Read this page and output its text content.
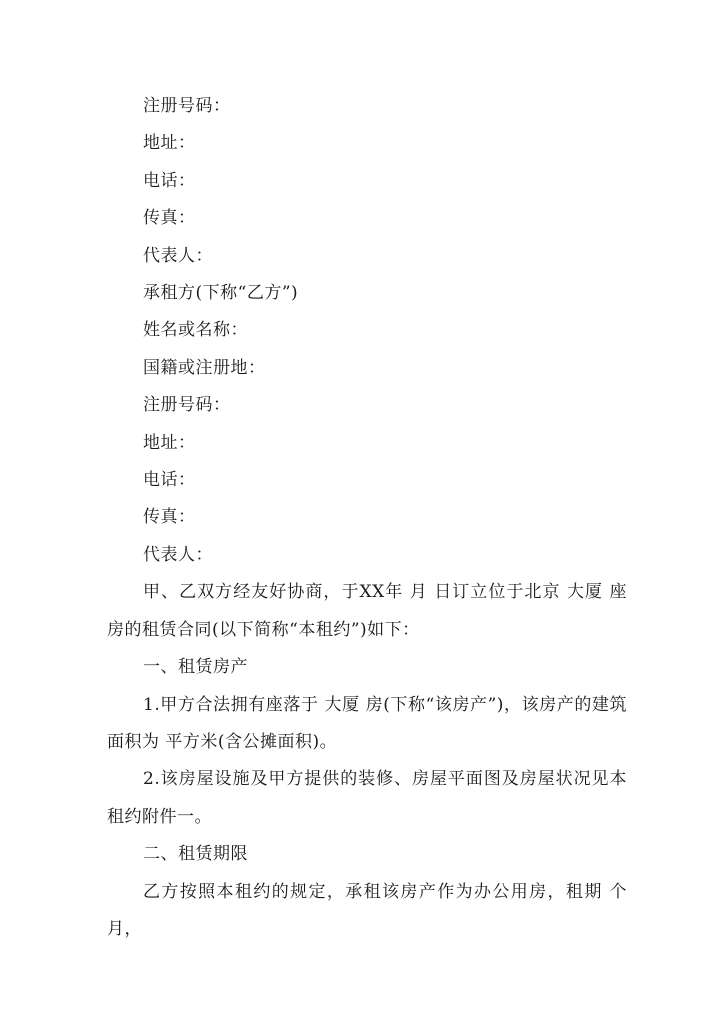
注册号码：
地址：
电话：
传真：
代表人：
承租方(下称“乙方”)
姓名或名称：
国籍或注册地：
注册号码：
地址：
电话：
传真：
代表人：
甲、乙双方经友好协商，于XX年 月 日订立位于北京 大厦 座 房的租赁合同(以下简称“本租约”)如下：
一、租赁房产
1.甲方合法拥有座落于 大厦 房(下称“该房产”)，该房产的建筑面积为 平方米(含公摊面积)。
2.该房屋设施及甲方提供的装修、房屋平面图及房屋状况见本租约附件一。
二、租赁期限
乙方按照本租约的规定，承租该房产作为办公用房，租期 个月，
